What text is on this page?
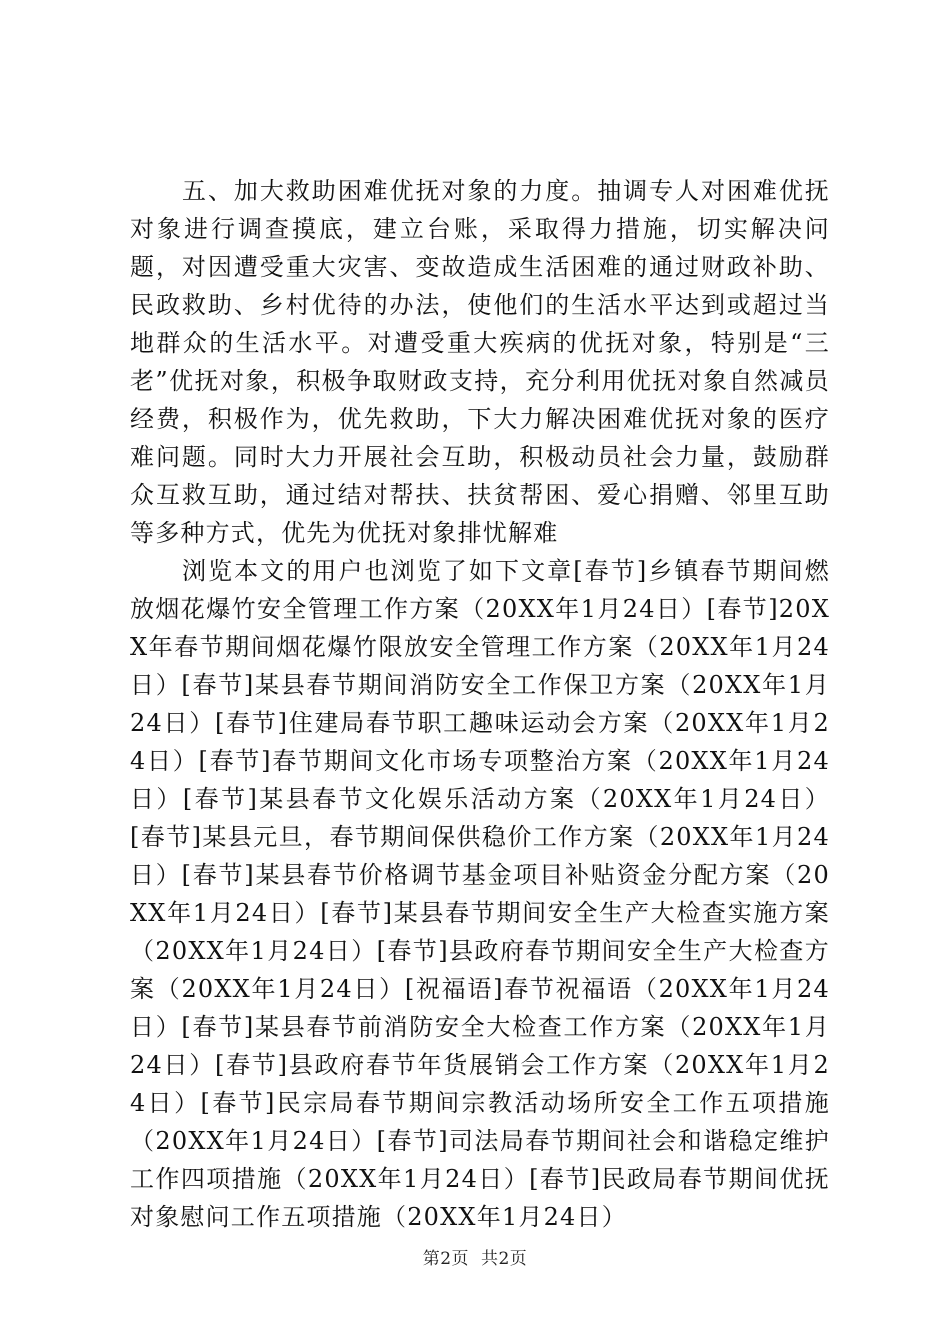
五、加大救助困难优抚对象的力度。抽调专人对困难优抚对象进行调查摸底，建立台账，采取得力措施，切实解决问题，对因遭受重大灾害、变故造成生活困难的通过财政补助、民政救助、乡村优待的办法，使他们的生活水平达到或超过当地群众的生活水平。对遭受重大疾病的优抚对象，特别是“三老”优抚对象，积极争取财政支持，充分利用优抚对象自然减员经费，积极作为，优先救助，下大力解决困难优抚对象的医疗难问题。同时大力开展社会互助，积极动员社会力量，鼓励群众互救互助，通过结对帮扶、扶贫帮困、爱心捐赠、邻里互助等多种方式，优先为优抚对象排忧解难

浏览本文的用户也浏览了如下文章[春节]乡镇春节期间燃放烟花爆竹安全管理工作方案（20XX年1月24日）[春节]20XX年春节期间烟花爆竹限放安全管理工作方案（20XX年1月24日）[春节]某县春节期间消防安全工作保卫方案（20XX年1月24日）[春节]住建局春节职工趣味运动会方案（20XX年1月24日）[春节]春节期间文化市场专项整治方案（20XX年1月24日）[春节]某县春节文化娱乐活动方案（20XX年1月24日）[春节]某县元旦，春节期间保供稳价工作方案（20XX年1月24日）[春节]某县春节价格调节基金项目补贴资金分配方案（20XX年1月24日）[春节]某县春节期间安全生产大检查实施方案（20XX年1月24日）[春节]县政府春节期间安全生产大检查方案（20XX年1月24日）[祝福语]春节祝福语（20XX年1月24日）[春节]某县春节前消防安全大检查工作方案（20XX年1月24日）[春节]县政府春节年货展销会工作方案（20XX年1月24日）[春节]民宗局春节期间宗教活动场所安全工作五项措施（20XX年1月24日）[春节]司法局春节期间社会和谐稳定维护工作四项措施（20XX年1月24日）[春节]民政局春节期间优抚对象慰问工作五项措施（20XX年1月24日）

第2页 共2页
